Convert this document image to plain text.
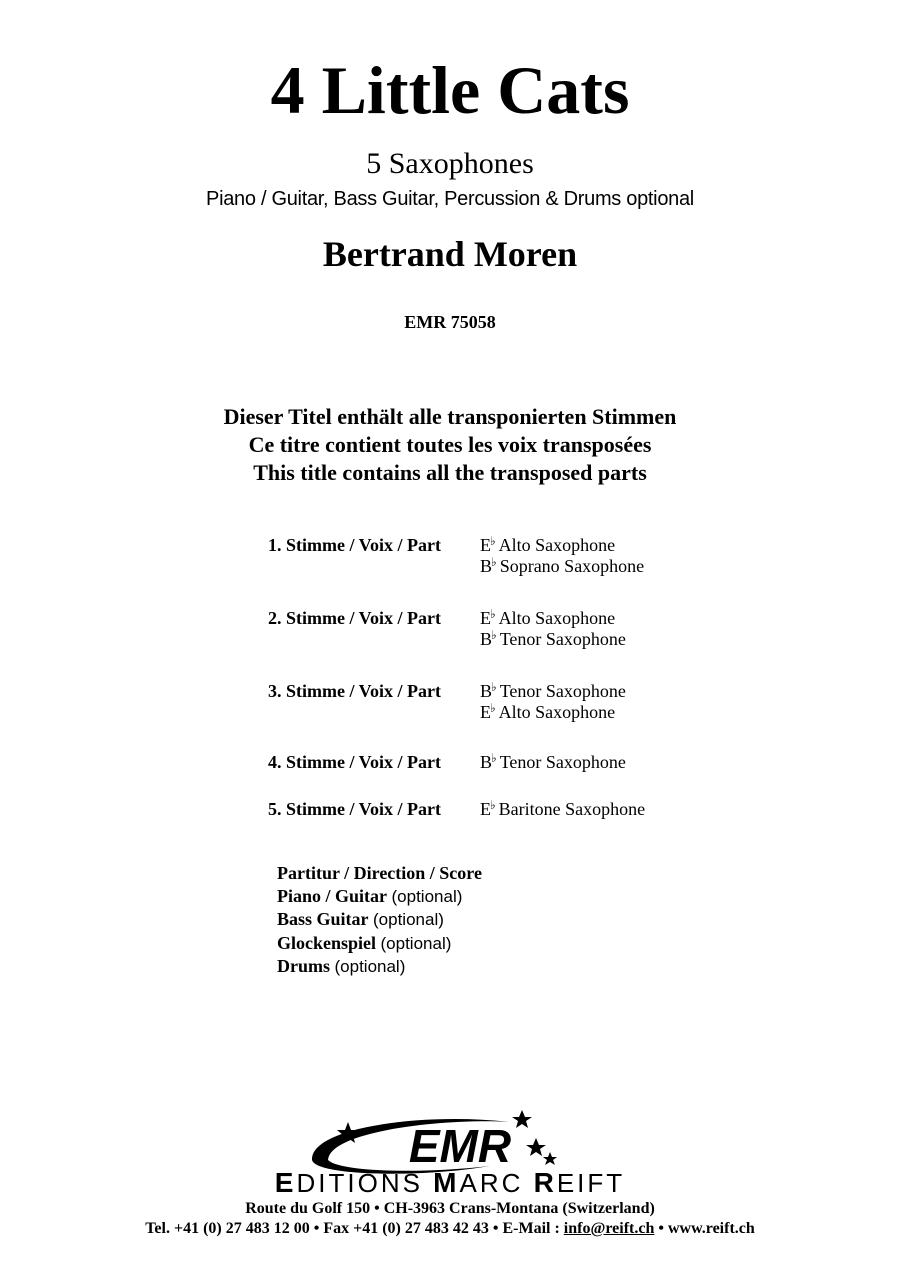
4 Little Cats
5 Saxophones
Piano / Guitar, Bass Guitar, Percussion & Drums optional
Bertrand Moren
EMR 75058
Dieser Titel enthält alle transponierten Stimmen
Ce titre contient toutes les voix transposées
This title contains all the transposed parts
1. Stimme / Voix / Part	E♭ Alto Saxophone
B♭ Soprano Saxophone
2. Stimme / Voix / Part	E♭ Alto Saxophone
B♭ Tenor Saxophone
3. Stimme / Voix / Part	B♭ Tenor Saxophone
E♭ Alto Saxophone
4. Stimme / Voix / Part	B♭ Tenor Saxophone
5. Stimme / Voix / Part	E♭ Baritone Saxophone
Partitur / Direction / Score
Piano / Guitar (optional)
Bass Guitar (optional)
Glockenspiel (optional)
Drums (optional)
EMR
EDITIONS MARC REIFT
Route du Golf 150 • CH-3963 Crans-Montana (Switzerland)
Tel. +41 (0) 27 483 12 00 • Fax +41 (0) 27 483 42 43 • E-Mail : info@reift.ch • www.reift.ch
